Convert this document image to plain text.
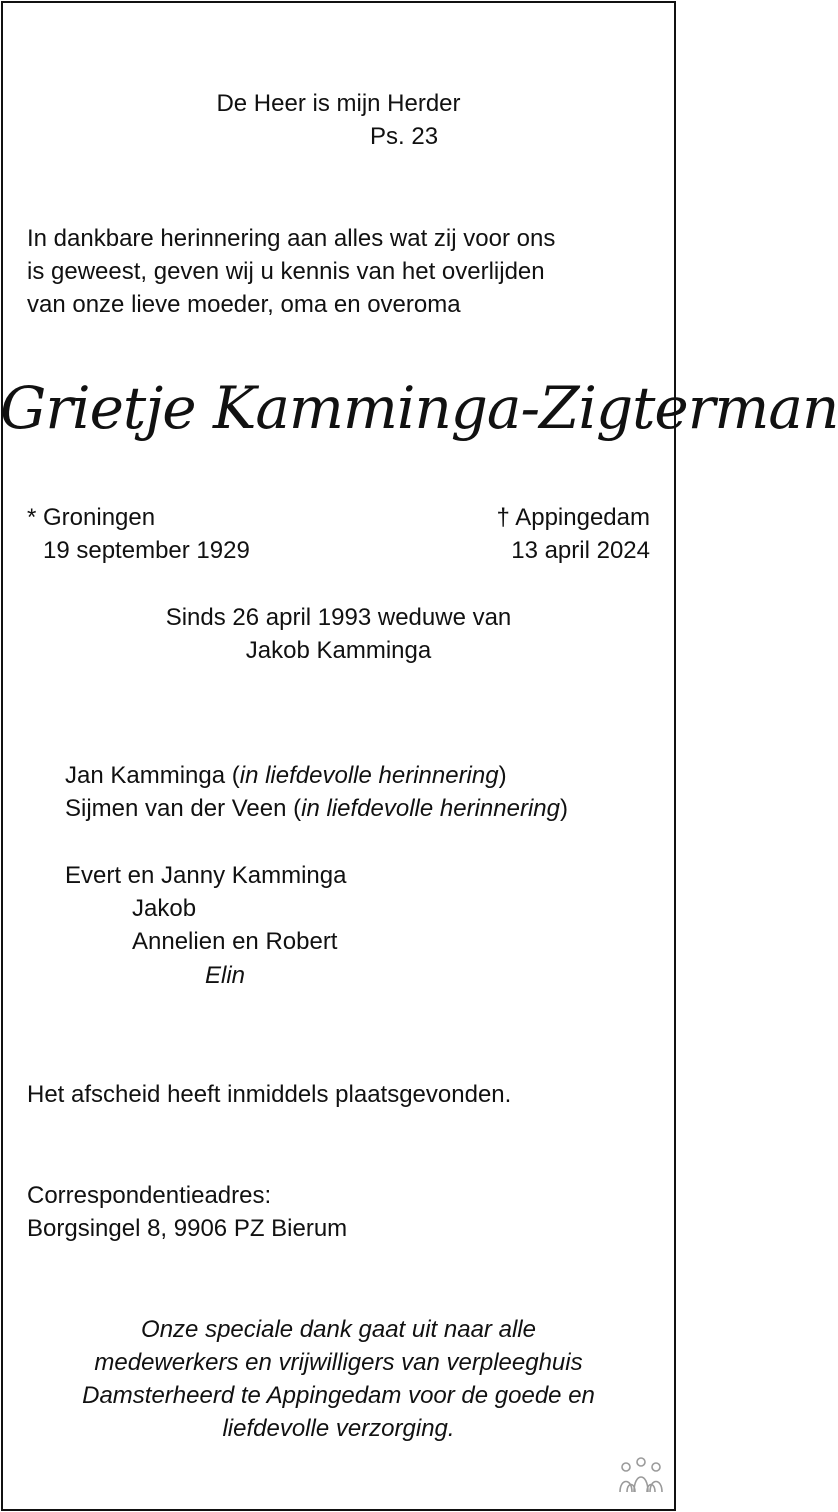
De Heer is mijn Herder
Ps. 23
In dankbare herinnering aan alles wat zij voor ons
is geweest, geven wij u kennis van het overlijden
van onze lieve moeder, oma en overoma
Grietje Kamminga-Zigterman
* Groningen
19 september 1929
† Appingedam
13 april 2024
Sinds 26 april 1993 weduwe van
Jakob Kamminga
Jan Kamminga (in liefdevolle herinnering)
Sijmen van der Veen (in liefdevolle herinnering)
Evert en Janny Kamminga
Jakob
Annelien en Robert
Elin
Het afscheid heeft inmiddels plaatsgevonden.
Correspondentieadres:
Borgsingel 8, 9906 PZ Bierum
Onze speciale dank gaat uit naar alle
medewerkers en vrijwilligers van verpleeghuis
Damsterheerd te Appingedam voor de goede en
liefdevolle verzorging.
